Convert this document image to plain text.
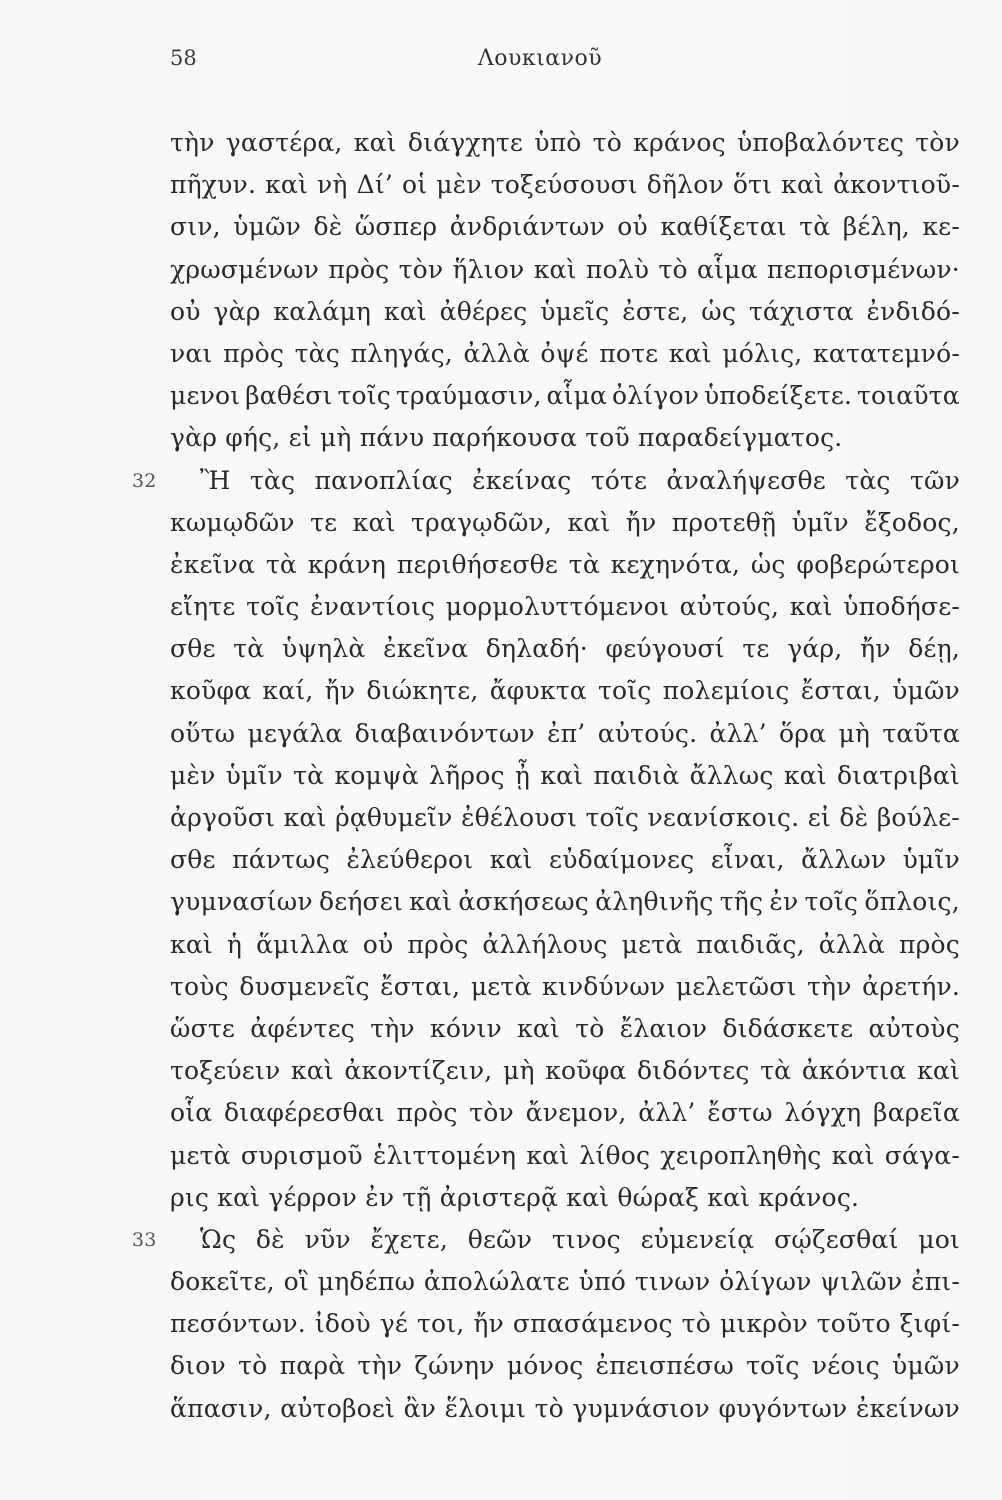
58	Λουκιανοῦ
τὴν γαστέρα, καὶ διάγχητε ὑπὸ τὸ κράνος ὑποβαλόντες τὸν
πῆχυν. καὶ νὴ Δί’ οἱ μὲν τοξεύσουσι δῆλον ὅτι καὶ ἀκοντιοῦ-
σιν, ὑμῶν δὲ ὥσπερ ἀνδριάντων οὐ καθίξεται τὰ βέλη, κε-
χρωσμένων πρὸς τὸν ἥλιον καὶ πολὺ τὸ αἷμα πεπορισμένων·
οὐ γὰρ καλάμη καὶ ἀθέρες ὑμεῖς ἐστε, ὡς τάχιστα ἐνδιδό-
ναι πρὸς τὰς πληγάς, ἀλλὰ ὀψέ ποτε καὶ μόλις, κατατεμνό-
μενοι βαθέσι τοῖς τραύμασιν, αἷμα ὀλίγον ὑποδείξετε. τοιαῦτα
γὰρ φής, εἰ μὴ πάνυ παρήκουσα τοῦ παραδείγματος.
32 Ἢ τὰς πανοπλίας ἐκείνας τότε ἀναλήψεσθε τὰς τῶν
κωμῳδῶν τε καὶ τραγῳδῶν, καὶ ἤν προτεθῇ ὑμῖν ἔξοδος,
ἐκεῖνα τὰ κράνη περιθήσεσθε τὰ κεχηνότα, ὡς φοβερώτεροι
εἴητε τοῖς ἐναντίοις μορμολυττόμενοι αὐτούς, καὶ ὑποδήσε-
σθε τὰ ὑψηλὰ ἐκεῖνα δηλαδή· φεύγουσί τε γάρ, ἤν δέῃ,
κοῦφα καί, ἤν διώκητε, ἄφυκτα τοῖς πολεμίοις ἔσται, ὑμῶν
οὕτω μεγάλα διαβαινόντων ἐπ’ αὐτούς. ἀλλ’ ὅρα μὴ ταῦτα
μὲν ὑμῖν τὰ κομψὰ λῆρος ᾖ καὶ παιδιὰ ἄλλως καὶ διατριβαὶ
ἀργοῦσι καὶ ῥᾳθυμεῖν ἐθέλουσι τοῖς νεανίσκοις. εἰ δὲ βούλε-
σθε πάντως ἐλεύθεροι καὶ εὐδαίμονες εἶναι, ἄλλων ὑμῖν
γυμνασίων δεήσει καὶ ἀσκήσεως ἀληθινῆς τῆς ἐν τοῖς ὅπλοις,
καὶ ἡ ἅμιλλα οὐ πρὸς ἀλλήλους μετὰ παιδιᾶς, ἀλλὰ πρὸς
τοὺς δυσμενεῖς ἔσται, μετὰ κινδύνων μελετῶσι τὴν ἀρετήν.
ὥστε ἀφέντες τὴν κόνιν καὶ τὸ ἔλαιον διδάσκετε αὐτοὺς
τοξεύειν καὶ ἀκοντίζειν, μὴ κοῦφα διδόντες τὰ ἀκόντια καὶ
οἷα διαφέρεσθαι πρὸς τὸν ἄνεμον, ἀλλ’ ἔστω λόγχη βαρεῖα
μετὰ συρισμοῦ ἑλιττομένη καὶ λίθος χειροπληθὴς καὶ σάγα-
ρις καὶ γέρρον ἐν τῇ ἀριστερᾷ καὶ θώραξ καὶ κράνος.
33 Ὡς δὲ νῦν ἔχετε, θεῶν τινος εὐμενείᾳ σῴζεσθαί μοι
δοκεῖτε, οἳ μηδέπω ἀπολώλατε ὑπό τινων ὀλίγων ψιλῶν ἐπι-
πεσόντων. ἰδοὺ γέ τοι, ἤν σπασάμενος τὸ μικρὸν τοῦτο ξιφί-
διον τὸ παρὰ τὴν ζώνην μόνος ἐπεισπέσω τοῖς νέοις ὑμῶν
ἅπασιν, αὐτοβοεὶ ἂν ἕλοιμι τὸ γυμνάσιον φυγόντων ἐκείνων
